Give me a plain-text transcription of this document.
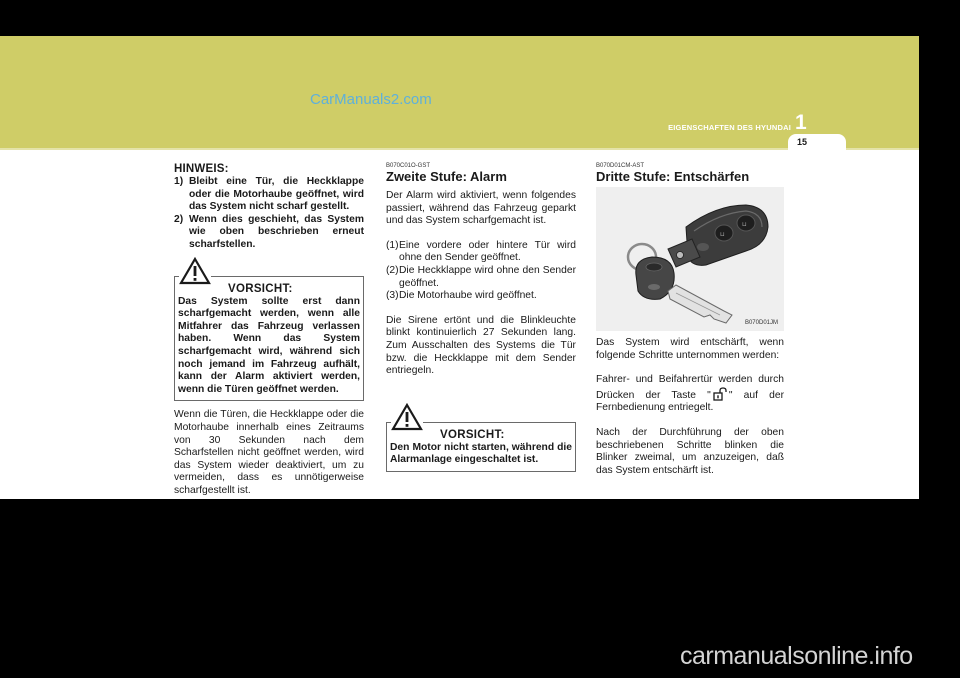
CarManuals2.com
EIGENSCHAFTEN DES HYUNDAI 1
15
HINWEIS:
1) Bleibt eine Tür, die Heckklappe oder die Motorhaube geöffnet, wird das System nicht scharf gestellt.
2) Wenn dies geschieht, das System wie oben beschrieben erneut scharfstellen.
VORSICHT:
Das System sollte erst dann scharfgemacht werden, wenn alle Mitfahrer das Fahrzeug verlassen haben. Wenn das System scharfgemacht wird, während sich noch jemand im Fahrzeug aufhält, kann der Alarm aktiviert werden, wenn die Türen geöffnet werden.

Wenn die Türen, die Heckklappe oder die Motorhaube innerhalb eines Zeitraums von 30 Sekunden nach dem Scharfstellen nicht geöffnet werden, wird das System wieder deaktiviert, um zu vermeiden, dass es unnötigerweise scharfgestellt ist.

B070C01O-GST
Zweite Stufe: Alarm

Der Alarm wird aktiviert, wenn folgendes passiert, während das Fahrzeug geparkt und das System scharfgemacht ist.

(1) Eine vordere oder hintere Tür wird ohne den Sender geöffnet.
(2) Die Heckklappe wird ohne den Sender geöffnet.
(3) Die Motorhaube wird geöffnet.

Die Sirene ertönt und die Blinkleuchte blinkt kontinuierlich 27 Sekunden lang. Zum Ausschalten des Systems die Tür bzw. die Heckklappe mit dem Sender entriegeln.

VORSICHT:
Den Motor nicht starten, während die Alarmanlage eingeschaltet ist.
B070D01CM-AST
Dritte Stufe: Entschärfen
⊔
⊔
B070D01JM

Das System wird entschärft, wenn folgende Schritte unternommen werden:

Fahrer- und Beifahrertür werden durch Drücken der Taste " " auf der Fernbedienung entriegelt.

Nach der Durchführung der oben beschriebenen Schritte blinken die Blinker zweimal, um anzuzeigen, daß das System entschärft ist.

carmanualsonline.info
